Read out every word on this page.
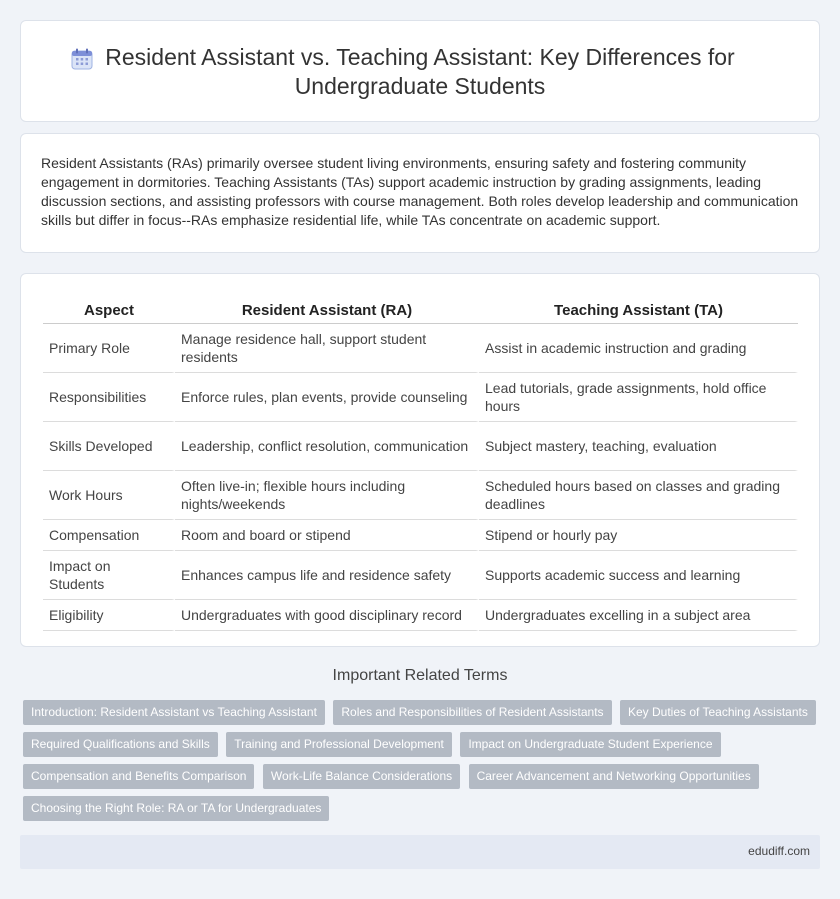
Resident Assistant vs. Teaching Assistant: Key Differences for
Undergraduate Students

Resident Assistants (RAs) primarily oversee student living environments, ensuring safety and fostering community engagement in dormitories. Teaching Assistants (TAs) support academic instruction by grading assignments, leading discussion sections, and assisting professors with course management. Both roles develop leadership and communication skills but differ in focus--RAs emphasize residential life, while TAs concentrate on academic support.

Aspect	Resident Assistant (RA)	Teaching Assistant (TA)
Primary Role	Manage residence hall, support student residents	Assist in academic instruction and grading
Responsibilities	Enforce rules, plan events, provide counseling	Lead tutorials, grade assignments, hold office hours
Skills Developed	Leadership, conflict resolution, communication	Subject mastery, teaching, evaluation
Work Hours	Often live-in; flexible hours including nights/weekends	Scheduled hours based on classes and grading deadlines
Compensation	Room and board or stipend	Stipend or hourly pay
Impact on Students	Enhances campus life and residence safety	Supports academic success and learning
Eligibility	Undergraduates with good disciplinary record	Undergraduates excelling in a subject area
Important Related Terms
Introduction: Resident Assistant vs Teaching Assistant Roles and Responsibilities of Resident Assistants Key Duties of Teaching Assistants Required Qualifications and Skills Training and Professional Development Impact on Undergraduate Student Experience Compensation and Benefits Comparison Work-Life Balance Considerations Career Advancement and Networking Opportunities Choosing the Right Role: RA or TA for Undergraduates
edudiff.com
